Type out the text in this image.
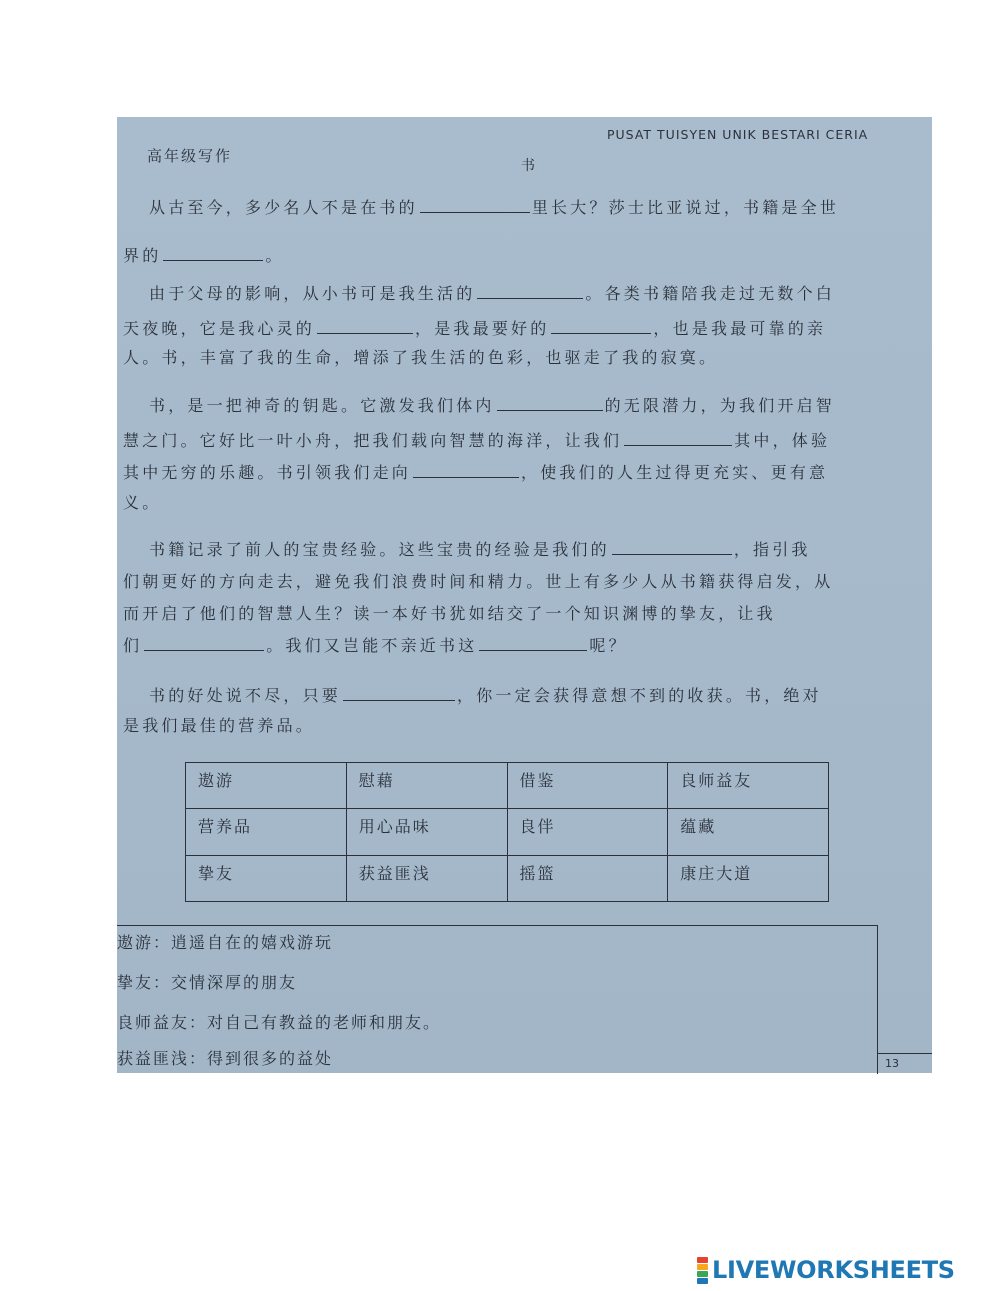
PUSAT TUISYEN UNIK BESTARI CERIA
高年级写作
书
从古至今，多少名人不是在书的	里长大？莎士比亚说过，书籍是全世
界的	。
由于父母的影响，从小书可是我生活的	。各类书籍陪我走过无数个白
天夜晚，它是我心灵的	，是我最要好的	，也是我最可靠的亲
人。书，丰富了我的生命，增添了我生活的色彩，也驱走了我的寂寞。
书，是一把神奇的钥匙。它激发我们体内	的无限潜力，为我们开启智
慧之门。它好比一叶小舟，把我们载向智慧的海洋，让我们	其中，体验
其中无穷的乐趣。书引领我们走向	，使我们的人生过得更充实、更有意
义。
书籍记录了前人的宝贵经验。这些宝贵的经验是我们的	，指引我
们朝更好的方向走去，避免我们浪费时间和精力。世上有多少人从书籍获得启发，从
而开启了他们的智慧人生？读一本好书犹如结交了一个知识渊博的挚友，让我
们	。我们又岂能不亲近书这	呢？
书的好处说不尽，只要	，你一定会获得意想不到的收获。书，绝对
是我们最佳的营养品。
遨游	慰藉	借鉴	良师益友
营养品	用心品味	良伴	蕴藏
挚友	获益匪浅	摇篮	康庄大道
遨游：逍遥自在的嬉戏游玩
挚友：交情深厚的朋友
良师益友：对自己有教益的老师和朋友。
获益匪浅：得到很多的益处	13
LIVEWORKSHEETS
